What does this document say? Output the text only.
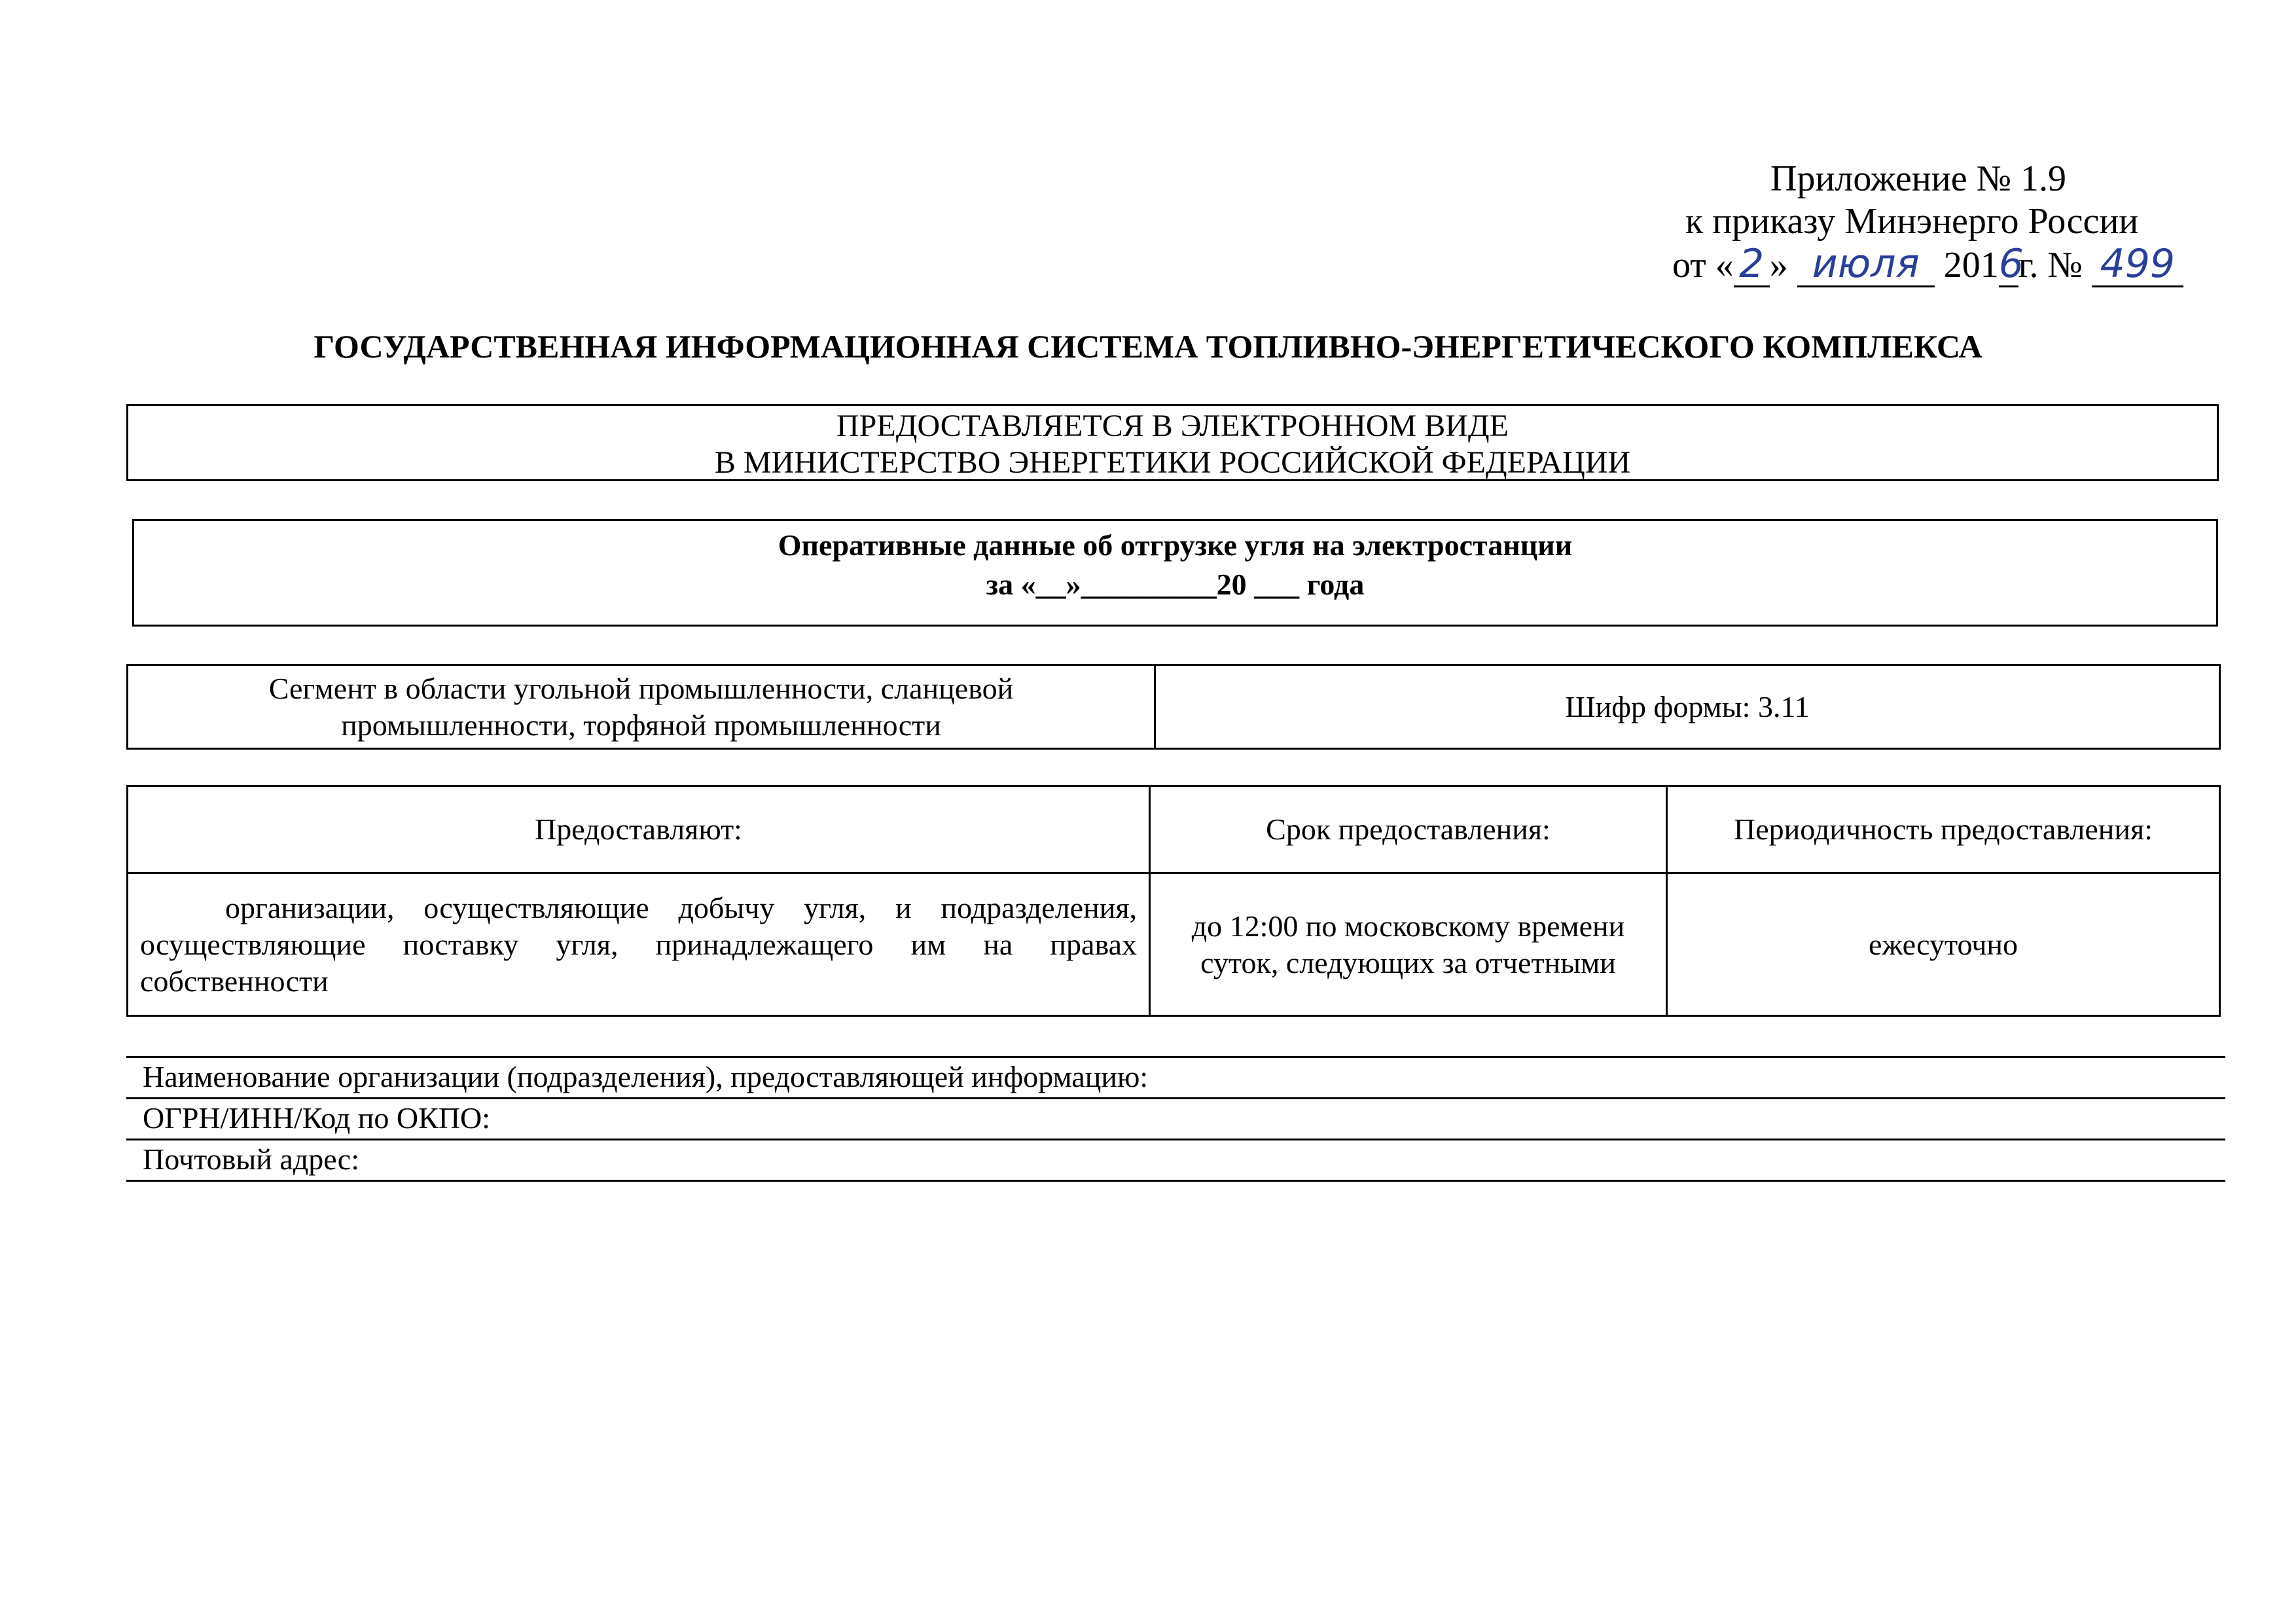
Приложение № 1.9
к приказу Минэнерго России
от « 2 » июля 2016г. № 499
ГОСУДАРСТВЕННАЯ ИНФОРМАЦИОННАЯ СИСТЕМА ТОПЛИВНО-ЭНЕРГЕТИЧЕСКОГО КОМПЛЕКСА
ПРЕДОСТАВЛЯЕТСЯ В ЭЛЕКТРОННОМ ВИДЕ
В МИНИСТЕРСТВО ЭНЕРГЕТИКИ РОССИЙСКОЙ ФЕДЕРАЦИИ
Оперативные данные об отгрузке угля на электростанции
за «__»_________20 ___ года
Сегмент в области угольной промышленности, сланцевой промышленности, торфяной промышленности	Шифр формы: 3.11
Предоставляют:	Срок предоставления:	Периодичность предоставления:
организации, осуществляющие добычу угля, и подразделения, осуществляющие поставку угля, принадлежащего им на правах собственности	до 12:00 по московскому времени суток, следующих за отчетными	ежесуточно
Наименование организации (подразделения), предоставляющей информацию:
ОГРН/ИНН/Код по ОКПО:
Почтовый адрес:
